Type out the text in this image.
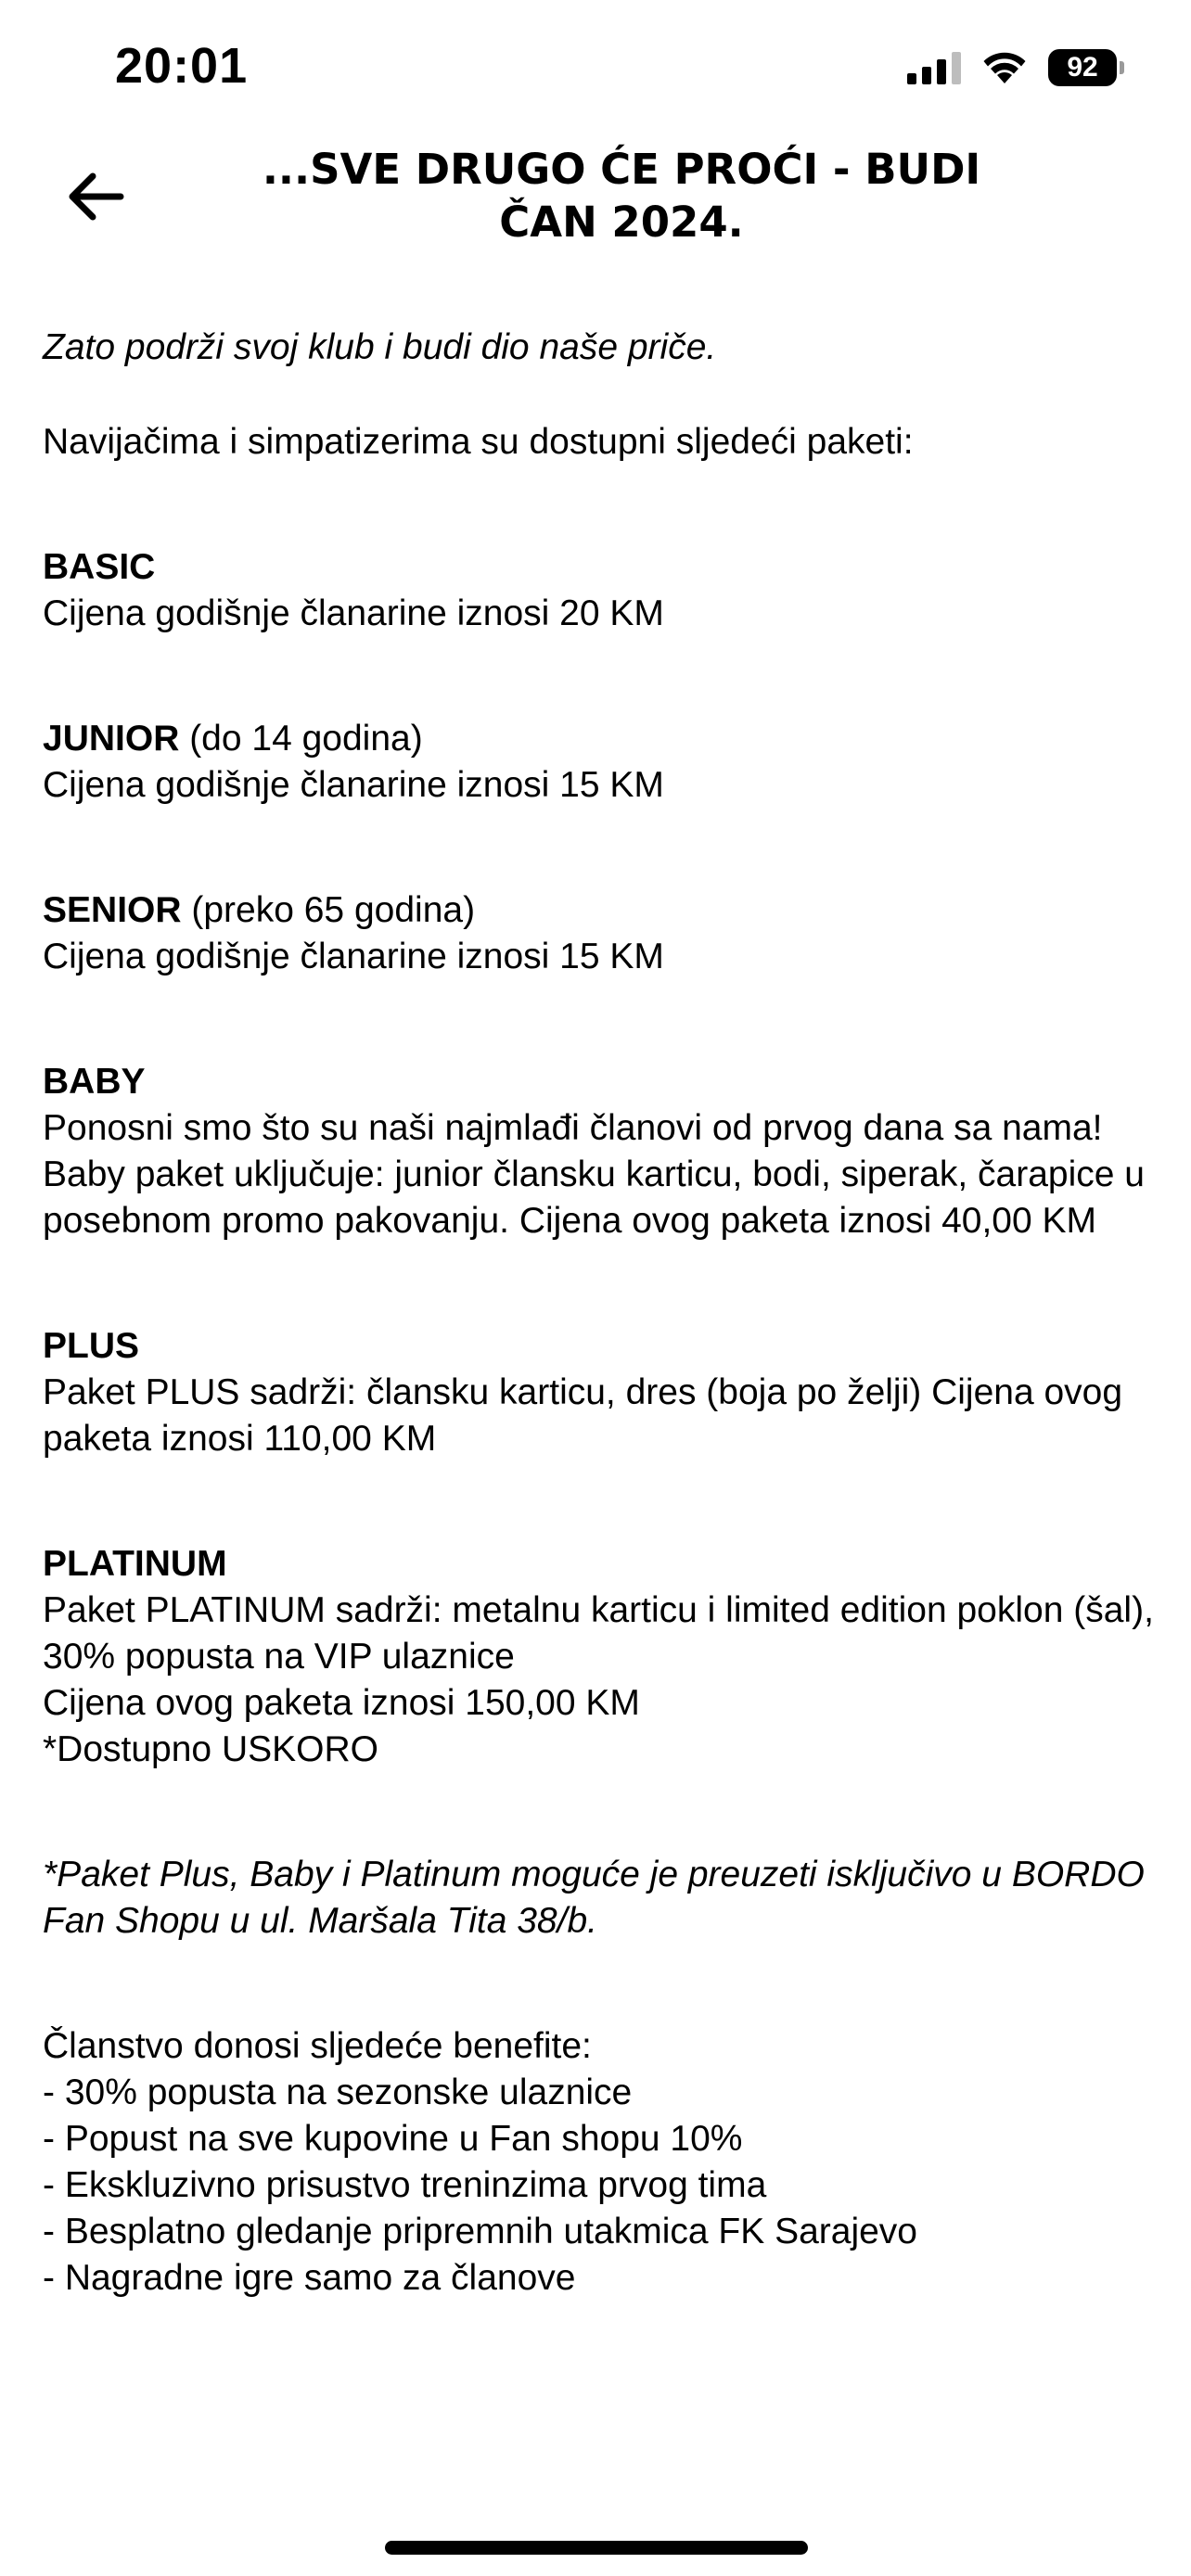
20:01	92
...SVE DRUGO ĆE PROĆI - BUDI
ČAN 2024.

Zato podrži svoj klub i budi dio naše priče.

Navijačima i simpatizerima su dostupni sljedeći paketi:

BASIC

Cijena godišnje članarine iznosi 20 KM

JUNIOR (do 14 godina)

Cijena godišnje članarine iznosi 15 KM

SENIOR (preko 65 godina)

Cijena godišnje članarine iznosi 15 KM

BABY

Ponosni smo što su naši najmlađi članovi od prvog dana sa nama!

Baby paket uključuje: junior člansku karticu, bodi, siperak, čarapice u posebnom promo pakovanju. Cijena ovog paketa iznosi 40,00 KM

PLUS

Paket PLUS sadrži: člansku karticu, dres (boja po želji) Cijena ovog paketa iznosi 110,00 KM

PLATINUM

Paket PLATINUM sadrži: metalnu karticu i limited edition poklon (šal), 30% popusta na VIP ulaznice

Cijena ovog paketa iznosi 150,00 KM

*Dostupno USKORO

*Paket Plus, Baby i Platinum moguće je preuzeti isključivo u BORDO Fan Shopu u ul. Maršala Tita 38/b.

Članstvo donosi sljedeće benefite:

- 30% popusta na sezonske ulaznice

- Popust na sve kupovine u Fan shopu 10%

- Ekskluzivno prisustvo treninzima prvog tima

- Besplatno gledanje pripremnih utakmica FK Sarajevo

- Nagradne igre samo za članove
